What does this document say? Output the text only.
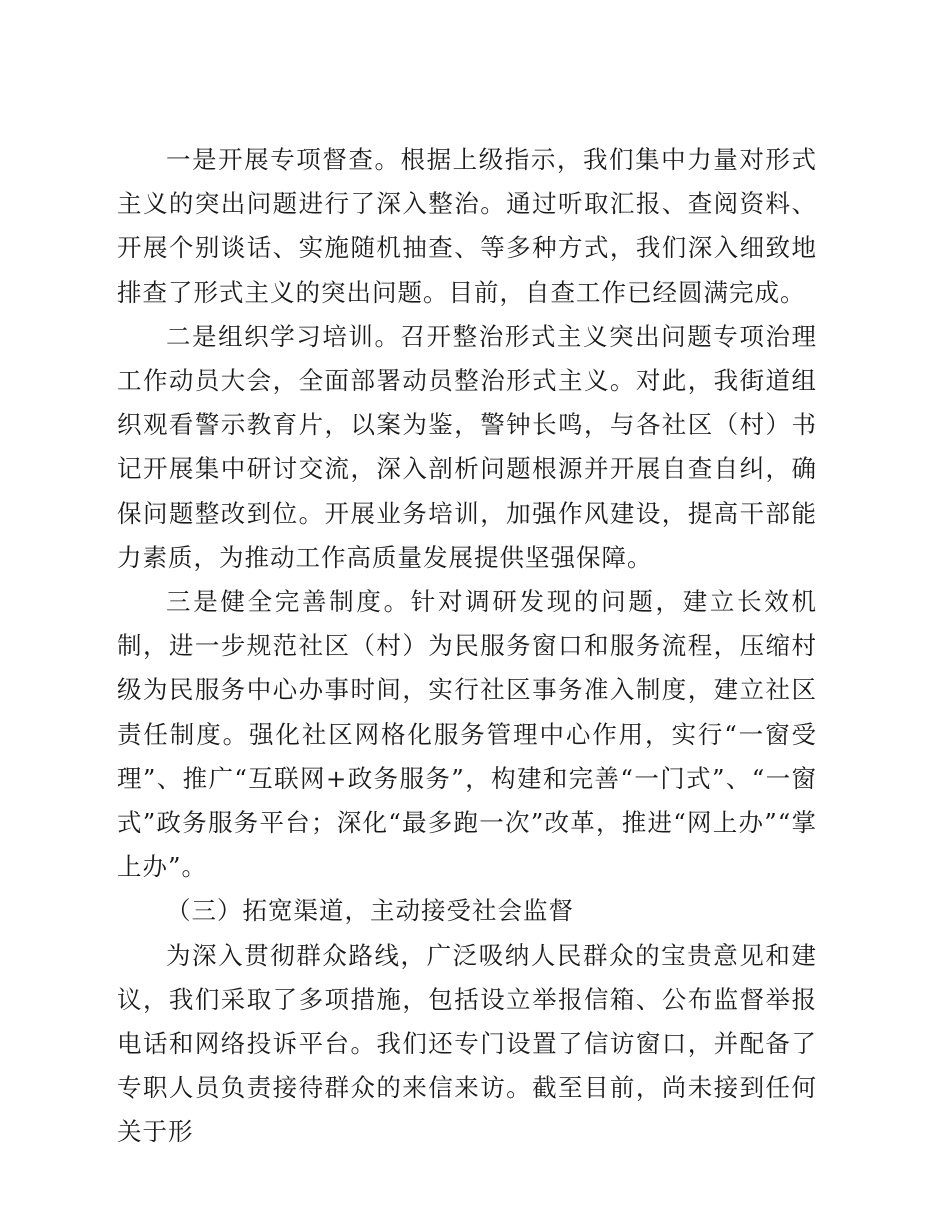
一是开展专项督查。根据上级指示，我们集中力量对形式主义的突出问题进行了深入整治。通过听取汇报、查阅资料、开展个别谈话、实施随机抽查、等多种方式，我们深入细致地排查了形式主义的突出问题。目前，自查工作已经圆满完成。

二是组织学习培训。召开整治形式主义突出问题专项治理工作动员大会，全面部署动员整治形式主义。对此，我街道组织观看警示教育片，以案为鉴，警钟长鸣，与各社区（村）书记开展集中研讨交流，深入剖析问题根源并开展自查自纠，确保问题整改到位。开展业务培训，加强作风建设，提高干部能力素质，为推动工作高质量发展提供坚强保障。

三是健全完善制度。针对调研发现的问题，建立长效机制，进一步规范社区（村）为民服务窗口和服务流程，压缩村级为民服务中心办事时间，实行社区事务准入制度，建立社区责任制度。强化社区网格化服务管理中心作用，实行“一窗受理”、推广“互联网+政务服务”，构建和完善“一门式”、“一窗式”政务服务平台；深化“最多跑一次”改革，推进“网上办”“掌上办”。

（三）拓宽渠道，主动接受社会监督

为深入贯彻群众路线，广泛吸纳人民群众的宝贵意见和建议，我们采取了多项措施，包括设立举报信箱、公布监督举报电话和网络投诉平台。我们还专门设置了信访窗口，并配备了专职人员负责接待群众的来信来访。截至目前，尚未接到任何关于形
